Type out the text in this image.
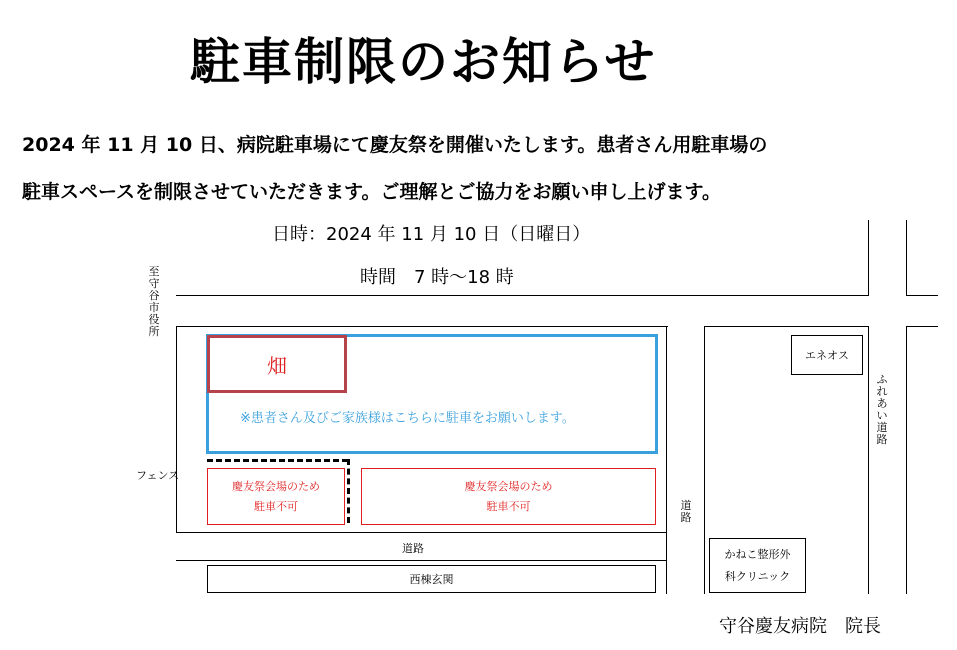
駐車制限のお知らせ
2024 年 11 月 10 日、病院駐車場にて慶友祭を開催いたします。患者さん用駐車場の
駐車スペースを制限させていただきます。ご理解とご協力をお願い申し上げます。
日時：2024 年 11 月 10 日（日曜日）
時間　7 時～18 時
至守谷市役所
※患者さん及びご家族様はこちらに駐車をお願いします。
畑
フェンス
慶友祭会場のため
駐車不可
慶友祭会場のため
駐車不可
道路
西棟玄関
道路
エネオス
ふれあい道路
かねこ整形外
科クリニック
守谷慶友病院　院長
